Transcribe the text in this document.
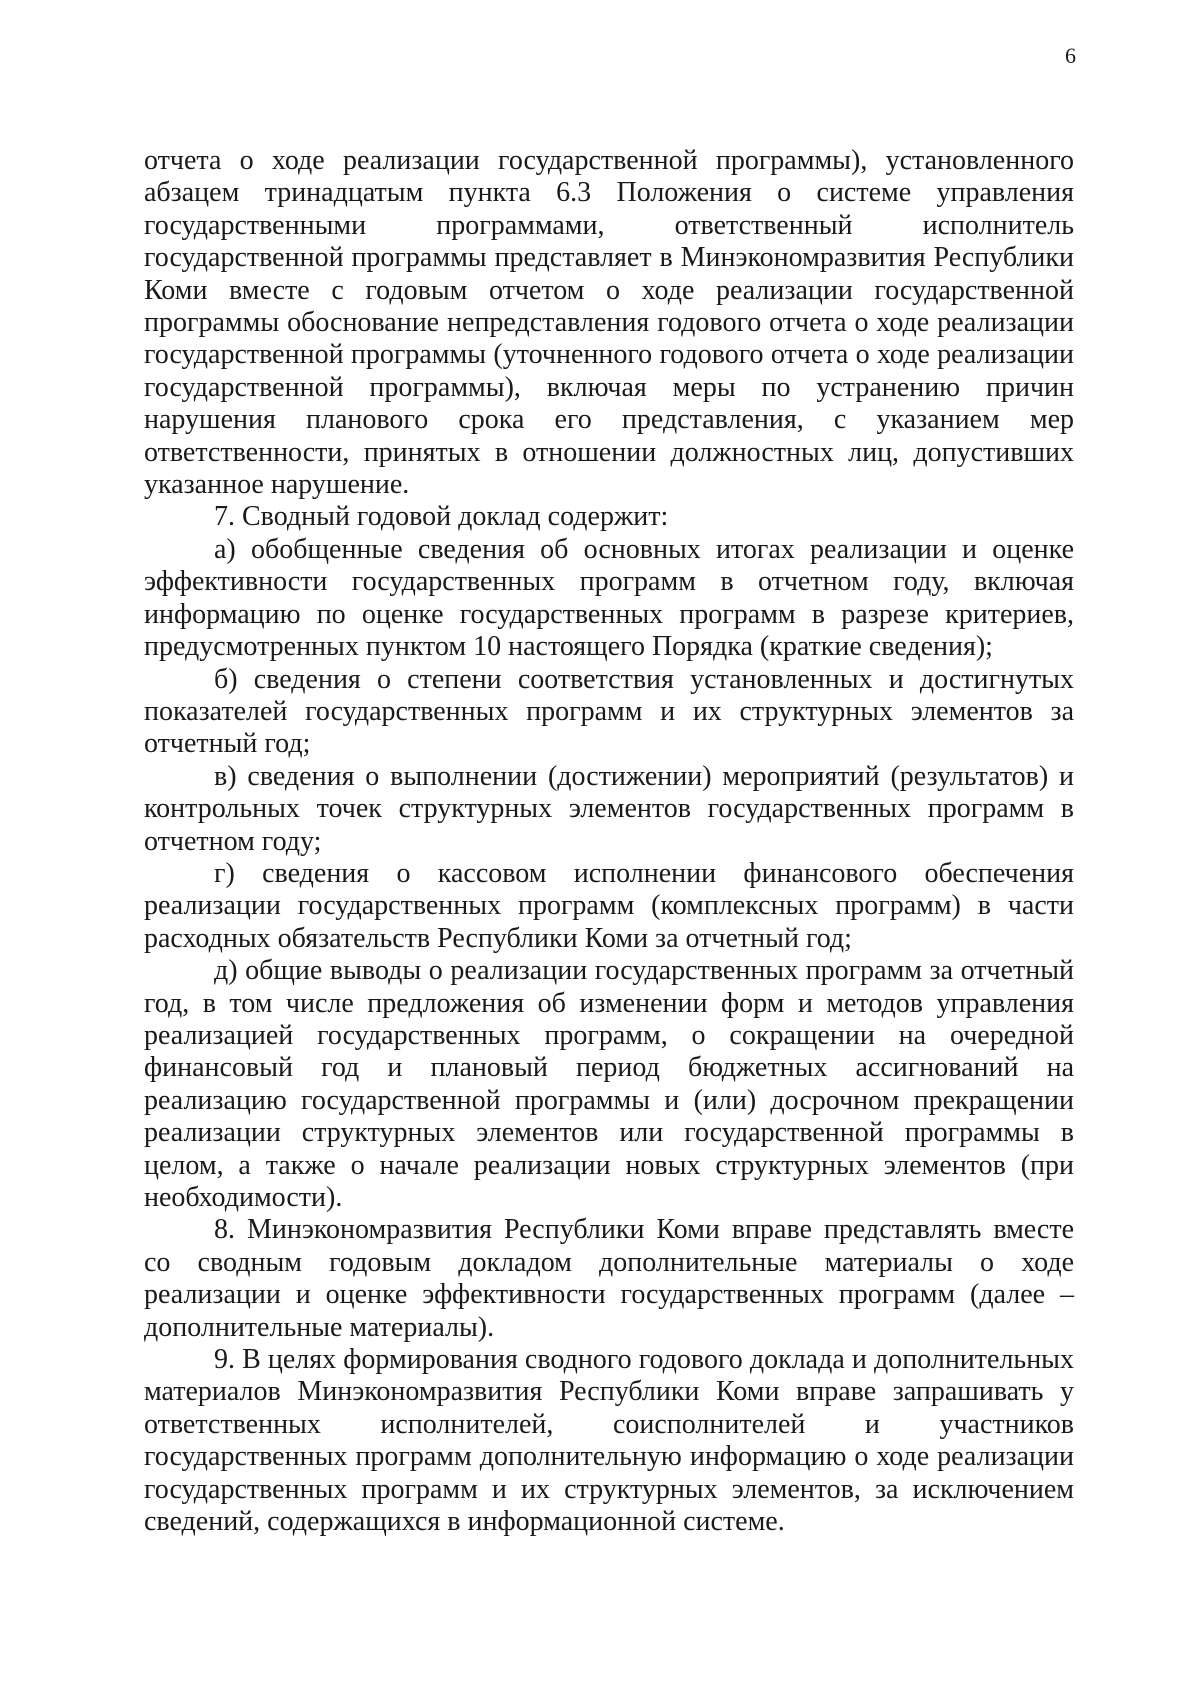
6

отчета о ходе реализации государственной программы), установленного абзацем тринадцатым пункта 6.3 Положения о системе управления государственными программами, ответственный исполнитель государственной программы представляет в Минэкономразвития Республики Коми вместе с годовым отчетом о ходе реализации государственной программы обоснование непредставления годового отчета о ходе реализации государственной программы (уточненного годового отчета о ходе реализации государственной программы), включая меры по устранению причин нарушения планового срока его представления, с указанием мер ответственности, принятых в отношении должностных лиц, допустивших указанное нарушение.

7. Сводный годовой доклад содержит:

а) обобщенные сведения об основных итогах реализации и оценке эффективности государственных программ в отчетном году, включая информацию по оценке государственных программ в разрезе критериев, предусмотренных пунктом 10 настоящего Порядка (краткие сведения);

б) сведения о степени соответствия установленных и достигнутых показателей государственных программ и их структурных элементов за отчетный год;

в) сведения о выполнении (достижении) мероприятий (результатов) и контрольных точек структурных элементов государственных программ в отчетном году;

г) сведения о кассовом исполнении финансового обеспечения реализации государственных программ (комплексных программ) в части расходных обязательств Республики Коми за отчетный год;

д) общие выводы о реализации государственных программ за отчетный год, в том числе предложения об изменении форм и методов управления реализацией государственных программ, о сокращении на очередной финансовый год и плановый период бюджетных ассигнований на реализацию государственной программы и (или) досрочном прекращении реализации структурных элементов или государственной программы в целом, а также о начале реализации новых структурных элементов (при необходимости).

8. Минэкономразвития Республики Коми вправе представлять вместе со сводным годовым докладом дополнительные материалы о ходе реализации и оценке эффективности государственных программ (далее – дополнительные материалы).

9. В целях формирования сводного годового доклада и дополнительных материалов Минэкономразвития Республики Коми вправе запрашивать у ответственных исполнителей, соисполнителей и участников государственных программ дополнительную информацию о ходе реализации государственных программ и их структурных элементов, за исключением сведений, содержащихся в информационной системе.
